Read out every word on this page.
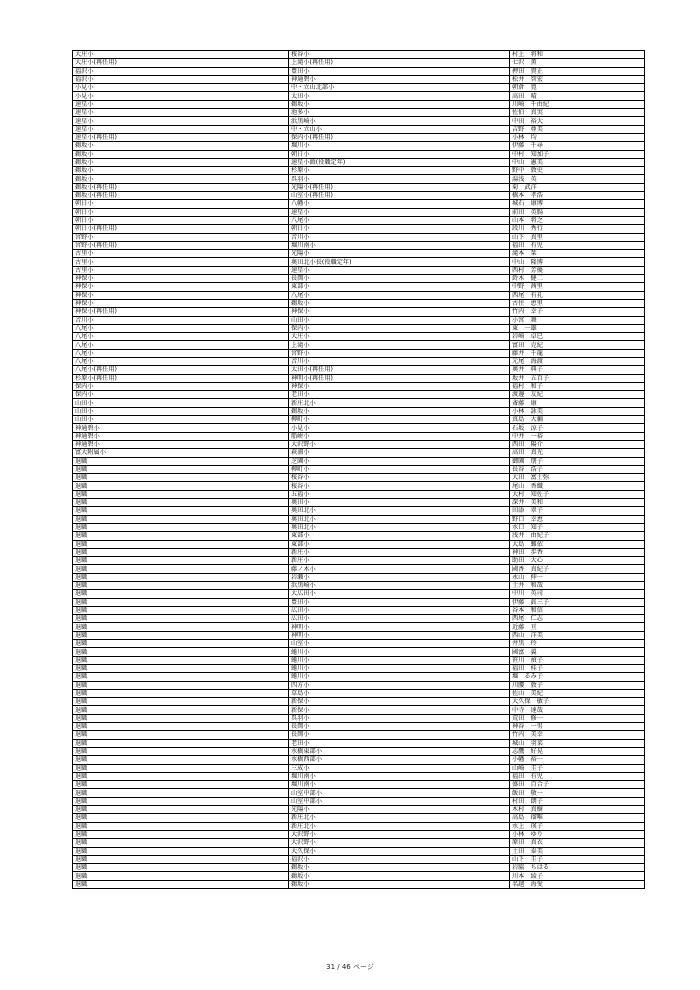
大庄小	桜谷小	村上　将和
大庄小(再任用)	上滝小(再任用)	七沢　薫
福沢小	豊田小	押田　貴正
福沢小	神通碧小	松井　智宏
小見小	中・立山北部小	朝倉　寛
小見小	太田小	高田　晴
速星小	鵜坂小	川崎　千由紀
速星小	池多小	佐伯　真実
速星小	浜黒崎小	中田　裕大
速星小	中・立山小	吉野　亜美
速星小(再任用)	保内小(再任用)	小林　均
鵜坂小	堀川小	伊藤　千尋
鵜坂小	朝日小	中村　知加子
鵜坂小	速星小頭(役職定年)	中山　憲美
鵜坂小	杉原小	野中　敦史
鵜坂小	呉羽小	湯浅　英
鵜坂小(再任用)	光陽小(再任用)	菊　武洋
鵜坂小(再任用)	山室小(再任用)	橋本　孝浩
朝日小	八幡小	城石　康博
朝日小	速星小	前田　英腸
朝日小	八尾小	山本　将之
朝日小(再任用)	朝日小	段川　秀行
宮野小	音川小	山下　真里
宮野小(再任用)	堀川南小	福田　有児
古里小	光陽小	滝本　栞
古里小	奥田北小長(役職定年)	中山　隆博
古里小	速星小	西村　芳優
神保小	長岡小	鈴木　健二
神保小	東部小	中野　茜里
神保小	八尾小	西尾　有礼
神保小	鵜坂小	古住　恵里
神保小(再任用)	神保小	竹内　幸子
音川小	山田小	小宮　舞
八尾小	保内小	東　一雄
八尾小	大庄小	岩崎　卓巳
八尾小	上滝小	富田　克紀
八尾小	宮野小	藤井　千龍
八尾小	音川小	元尾　海渡
八尾小(再任用)	太田小(再任用)	奥井　典子
杉原小(再任用)	神明小(再任用)	坂井　五百子
保内小	神保小	福村　和子
保内小	老田小	渡邊　友紀
山田小	新庄北小	斎藤　康
山田小	鵜坂小	小林　詠美
山田小	柳町小	真島　大輔
神通碧小	小見小	石坂　涼子
神通碧小	船峅小	中井　一裕
神通碧小	大沢野小	西田　陽介
富大附属小	萩浦小	高田　真光
退職	芝園小	御園　朋子
退職	柳町小	長谷　浩子
退職	桜谷小	大田　富士弥
退職	桜谷小	尾山　香織
退職	五福小	大村　知佐子
退職	奥田小	深井　美和
退職	奥田北小	田添　翠子
退職	奥田北小	野口　幸恵
退職	奥田北小	水口　知子
退職	東部小	浅井　由紀子
退職	東部小	大島　難依
退職	新庄小	神田　歩香
退職	新庄小	助田　大心
退職	藤ノ木小	國香　真紀子
退職	岩瀬小	永山　伸一
退職	浜黒崎小	土井　和哉
退職	大広田小	中川　英司
退職	豊田小	伊藤　眞三子
退職	広田小	谷本　和信
退職	広田小	西尾　仁志
退職	神明小	近藤　亘
退職	神明小	西山　洋美
退職	山室小	井黒　玲
退職	蜷川小	國富　翼
退職	蜷川小	笹川　禎子
退職	蜷川小	福田　桂子
退職	蜷川小	堀　るみ子
退職	四方小	川腰　敦子
退職	草島小	佐山　美紀
退職	新保小	大久保　敏子
退職	新保小	中寺　達哉
退職	呉羽小	荒田　修一
退職	長岡小	神谷　一男
退職	長岡小	竹内　美幸
退職	老田小	城山　羽菜
退職	水橋東部小	志鷹　好晃
退職	水橋西部小	小幡　裕一
退職	三成小	山崎　圭子
退職	堀川南小	福田　有児
退職	堀川南小	盛田　百合子
退職	山室中部小	飯田　敬一
退職	山室中部小	村田　朗子
退職	光陽小	木村　真樹
退職	新庄北小	高島　瑠唯
退職	新庄北小	水上　瑛子
退職	大沢野小	小林　ゆり
退職	大沢野小	原田　真衣
退職	大久保小	土田　泰美
退職	福沢小	山下　圭子
退職	鵜坂小	岩脇　ちはる
退職	鵜坂小	川本　綾子
退職	鵜坂小	名越　海愛
31 / 46 ページ
